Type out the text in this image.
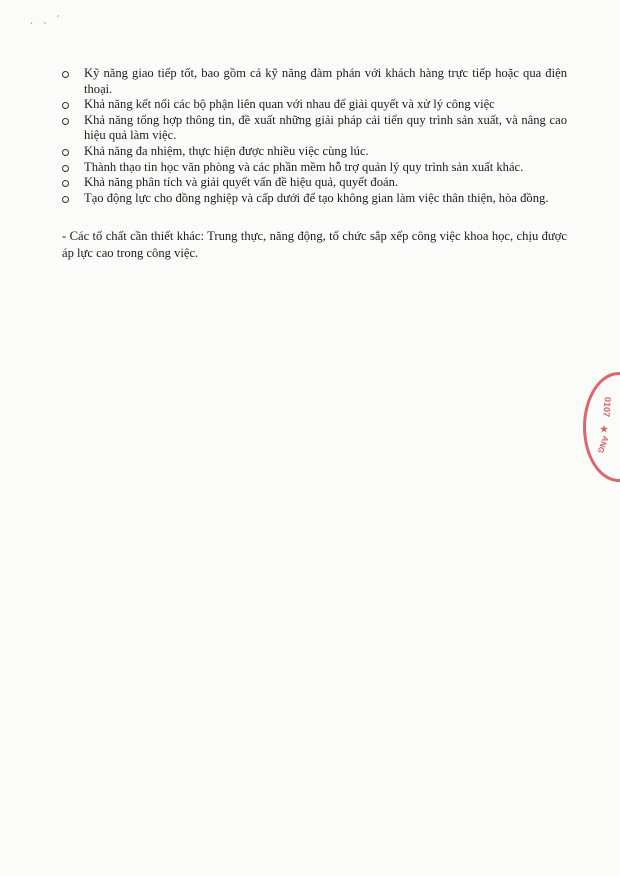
ˎ ˎ ˊ
Kỹ năng giao tiếp tốt, bao gồm cả kỹ năng đàm phán với khách hàng trực tiếp hoặc qua điện thoại.
Khả năng kết nối các bộ phận liên quan với nhau để giải quyết và xử lý công việc
Khả năng tổng hợp thông tin, đề xuất những giải pháp cải tiến quy trình sản xuất, và nâng cao hiệu quả làm việc.
Khả năng đa nhiệm, thực hiện được nhiều việc cùng lúc.
Thành thạo tin học văn phòng và các phần mềm hỗ trợ quản lý quy trình sản xuất khác.
Khả năng phân tích và giải quyết vấn đề hiệu quả, quyết đoán.
Tạo động lực cho đồng nghiệp và cấp dưới để tạo không gian làm việc thân thiện, hòa đồng.

- Các tố chất cần thiết khác: Trung thực, năng động, tổ chức sắp xếp công việc khoa học, chịu được áp lực cao trong công việc.

0107
★
ANG
